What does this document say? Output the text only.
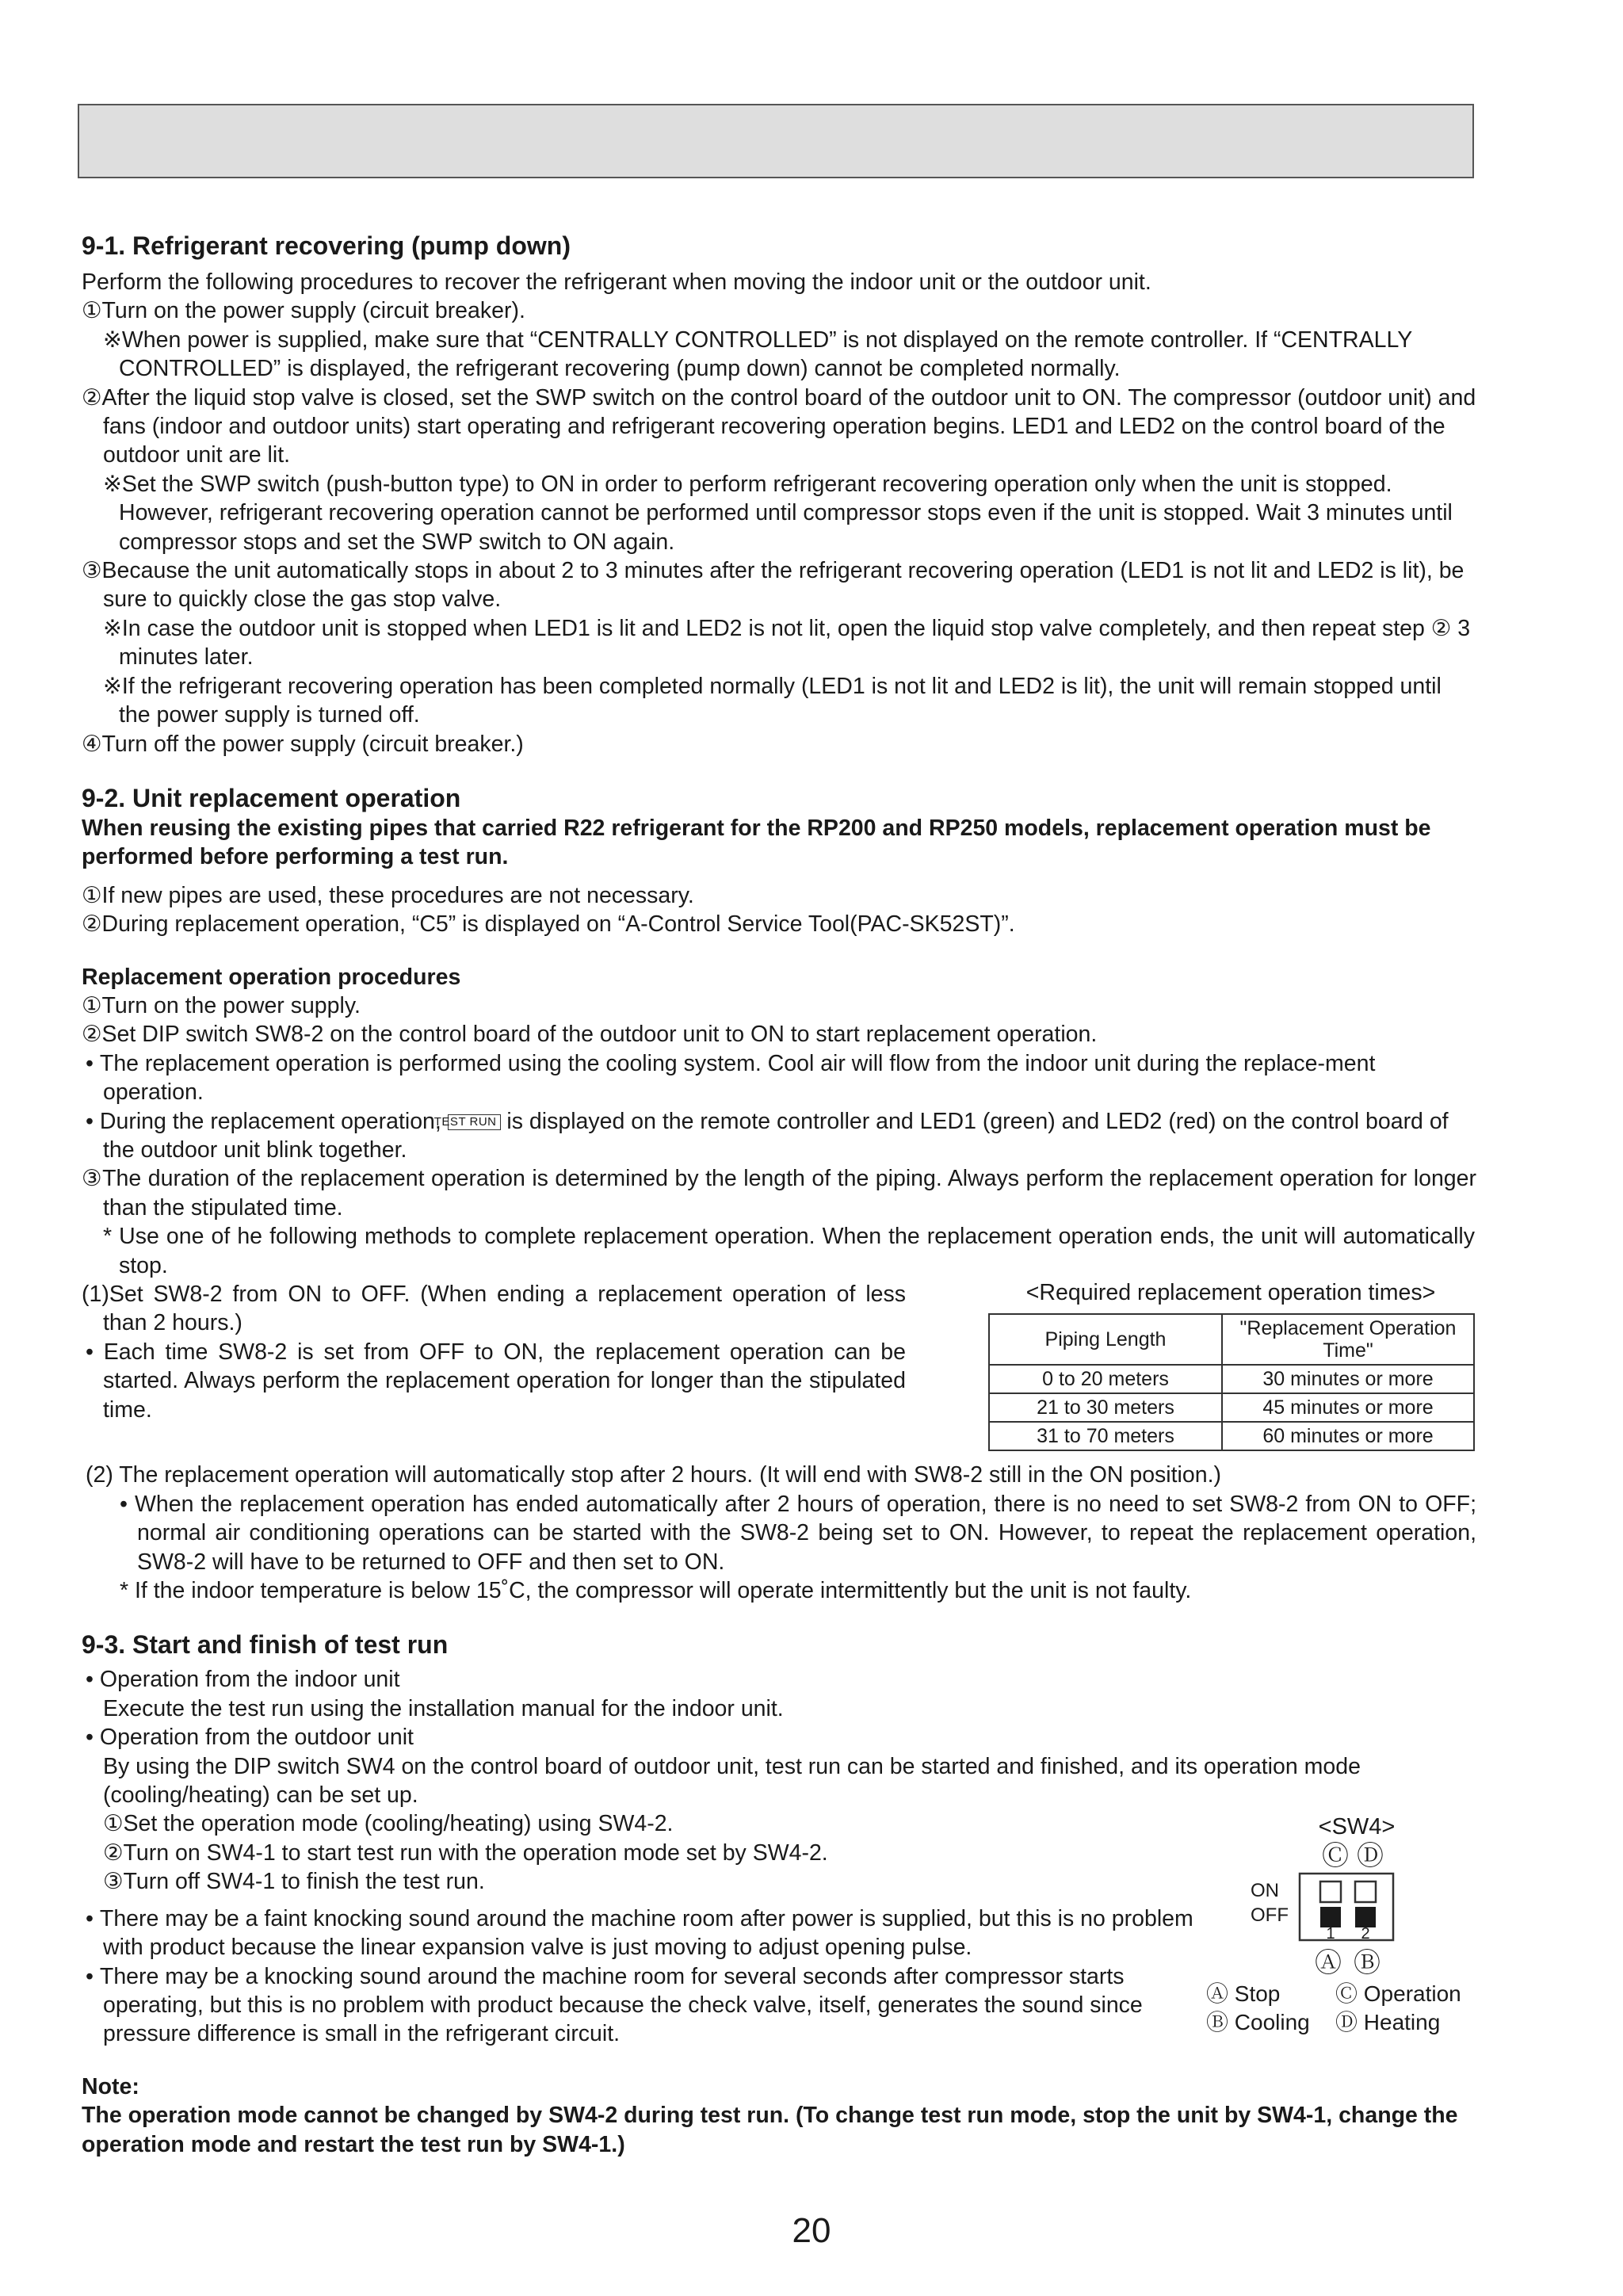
9-1. Refrigerant recovering (pump down)

Perform the following procedures to recover the refrigerant when moving the indoor unit or the outdoor unit.

①Turn on the power supply (circuit breaker).

※When power is supplied, make sure that “CENTRALLY CONTROLLED” is not displayed on the remote controller. If “CENTRALLY CONTROLLED” is displayed, the refrigerant recovering (pump down) cannot be completed normally.

②After the liquid stop valve is closed, set the SWP switch on the control board of the outdoor unit to ON. The compressor (outdoor unit) and fans (indoor and outdoor units) start operating and refrigerant recovering operation begins. LED1 and LED2 on the control board of the outdoor unit are lit.

※Set the SWP switch (push-button type) to ON in order to perform refrigerant recovering operation only when the unit is stopped. However, refrigerant recovering operation cannot be performed until compressor stops even if the unit is stopped. Wait 3 minutes until compressor stops and set the SWP switch to ON again.

③Because the unit automatically stops in about 2 to 3 minutes after the refrigerant recovering operation (LED1 is not lit and LED2 is lit), be sure to quickly close the gas stop valve.

※In case the outdoor unit is stopped when LED1 is lit and LED2 is not lit, open the liquid stop valve completely, and then repeat step ② 3 minutes later.

※If the refrigerant recovering operation has been completed normally (LED1 is not lit and LED2 is lit), the unit will remain stopped until the power supply is turned off.

④Turn off the power supply (circuit breaker.)

9-2. Unit replacement operation

When reusing the existing pipes that carried R22 refrigerant for the RP200 and RP250 models, replacement operation must be performed before performing a test run.

①If new pipes are used, these procedures are not necessary.

②During replacement operation, “C5” is displayed on “A-Control Service Tool(PAC-SK52ST)”.

Replacement operation procedures

①Turn on the power supply.

②Set DIP switch SW8-2 on the control board of the outdoor unit to ON to start replacement operation.

• The replacement operation is performed using the cooling system. Cool air will flow from the indoor unit during the replace-ment operation.

• During the replacement operation, TEST RUN is displayed on the remote controller and LED1 (green) and LED2 (red) on the control board of the outdoor unit blink together.

③The duration of the replacement operation is determined by the length of the piping. Always perform the replacement operation for longer than the stipulated time.

* Use one of he following methods to complete replacement operation. When the replacement operation ends, the unit will automatically stop.

(1)Set SW8-2 from ON to OFF. (When ending a replacement operation of less than 2 hours.)

• Each time SW8-2 is set from OFF to ON, the replacement operation can be started. Always perform the replacement operation for longer than the stipulated time.

<Required replacement operation times>
Piping Length	"Replacement Operation Time"
0 to 20 meters	30 minutes or more
21 to 30 meters	45 minutes or more
31 to 70 meters	60 minutes or more

(2) The replacement operation will automatically stop after 2 hours. (It will end with SW8-2 still in the ON position.)

• When the replacement operation has ended automatically after 2 hours of operation, there is no need to set SW8-2 from ON to OFF; normal air conditioning operations can be started with the SW8-2 being set to ON. However, to repeat the replacement operation, SW8-2 will have to be returned to OFF and then set to ON.

* If the indoor temperature is below 15˚C, the compressor will operate intermittently but the unit is not faulty.

9-3. Start and finish of test run

• Operation from the indoor unit

Execute the test run using the installation manual for the indoor unit.

• Operation from the outdoor unit

By using the DIP switch SW4 on the control board of outdoor unit, test run can be started and finished, and its operation mode (cooling/heating) can be set up.

①Set the operation mode (cooling/heating) using SW4-2.

②Turn on SW4-1 to start test run with the operation mode set by SW4-2.

③Turn off SW4-1 to finish the test run.

• There may be a faint knocking sound around the machine room after power is supplied, but this is no problem with product because the linear expansion valve is just moving to adjust opening pulse.

• There may be a knocking sound around the machine room for several seconds after compressor starts operating, but this is no problem with product because the check valve, itself, generates the sound since pressure difference is small in the refrigerant circuit.

Note:

The operation mode cannot be changed by SW4-2 during test run. (To change test run mode, stop the unit by SW4-1, change the operation mode and restart the test run by SW4-1.)

<SW4>
Ⓒ Ⓓ
ON
OFF
1 2
Ⓐ Ⓑ
Ⓐ Stop Ⓒ Operation
Ⓑ Cooling Ⓓ Heating
20
